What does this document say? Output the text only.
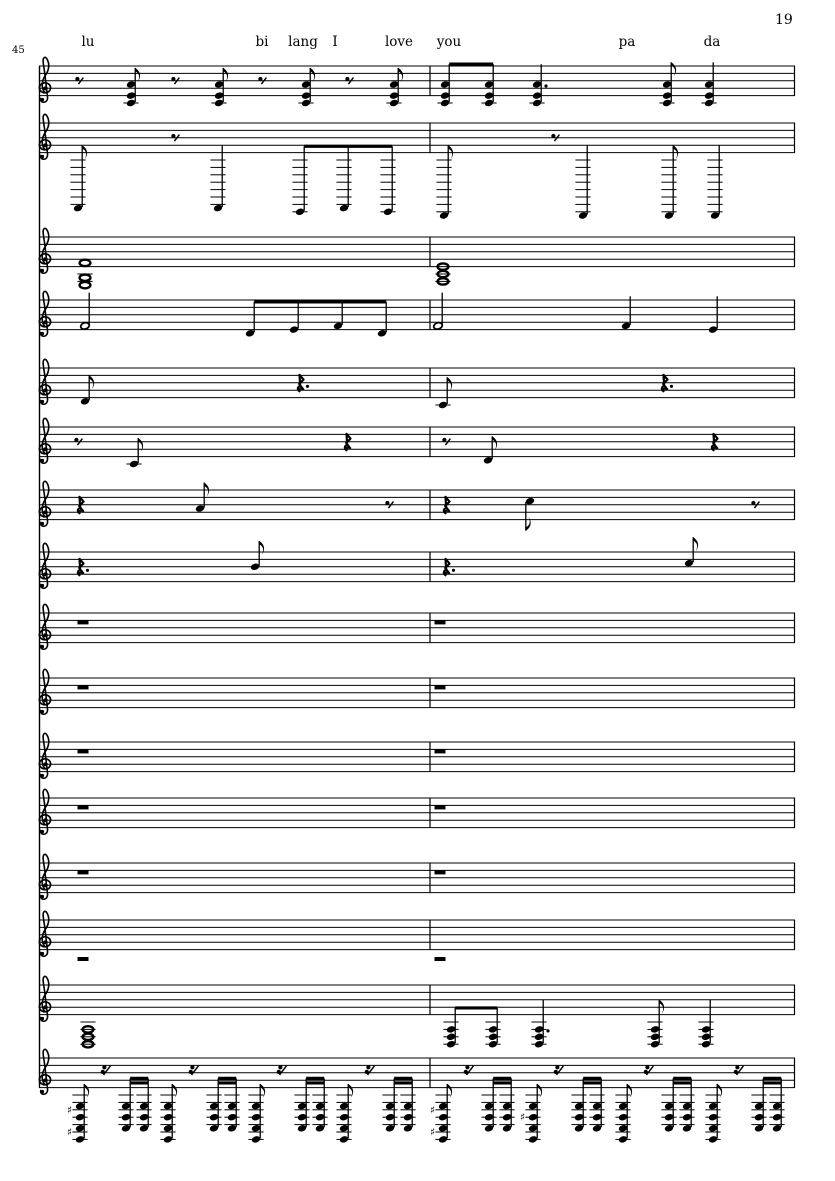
19
45
lu	bi lang I	love you	pa	da
♯
♯
♯
♯
♯
